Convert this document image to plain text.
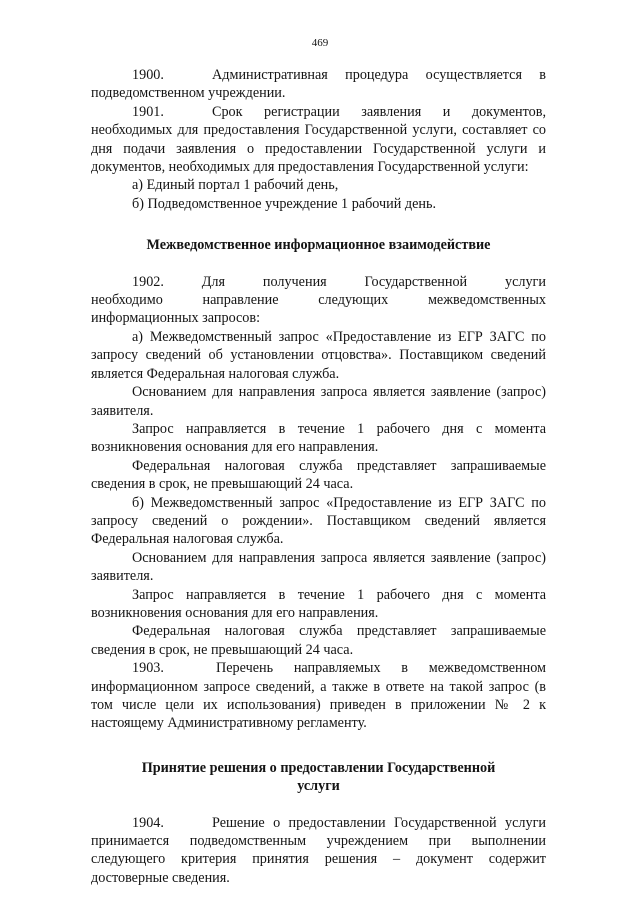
469

1900.	Административная процедура осуществляется в подведомственном учреждении.

1901.	Срок регистрации заявления и документов, необходимых для предоставления Государственной услуги, составляет со дня подачи заявления о предоставлении Государственной услуги и документов, необходимых для предоставления Государственной услуги:

а) Единый портал 1 рабочий день,

б) Подведомственное учреждение 1 рабочий день.

Межведомственное информационное взаимодействие
1902.	Для	получения	Государственной	услуги
необходимо	направление	следующих	межведомственных

информационных запросов:

а) Межведомственный запрос «Предоставление из ЕГР ЗАГС по запросу сведений об установлении отцовства». Поставщиком сведений является Федеральная налоговая служба.

Основанием для направления запроса является заявление (запрос) заявителя.

Запрос направляется в течение 1 рабочего дня с момента возникновения основания для его направления.

Федеральная налоговая служба представляет запрашиваемые сведения в срок, не превышающий 24 часа.

б) Межведомственный запрос «Предоставление из ЕГР ЗАГС по запросу сведений о рождении». Поставщиком сведений является Федеральная налоговая служба.

Основанием для направления запроса является заявление (запрос) заявителя.

Запрос направляется в течение 1 рабочего дня с момента возникновения основания для его направления.

Федеральная налоговая служба представляет запрашиваемые сведения в срок, не превышающий 24 часа.

1903.	Перечень направляемых в межведомственном информационном запросе сведений, а также в ответе на такой запрос (в том числе цели их использования) приведен в приложении № 2 к настоящему Административному регламенту.

Принятие решения о предоставлении Государственной
услуги

1904.	Решение о предоставлении Государственной услуги принимается подведомственным учреждением при выполнении следующего критерия принятия решения – документ содержит достоверные сведения.
